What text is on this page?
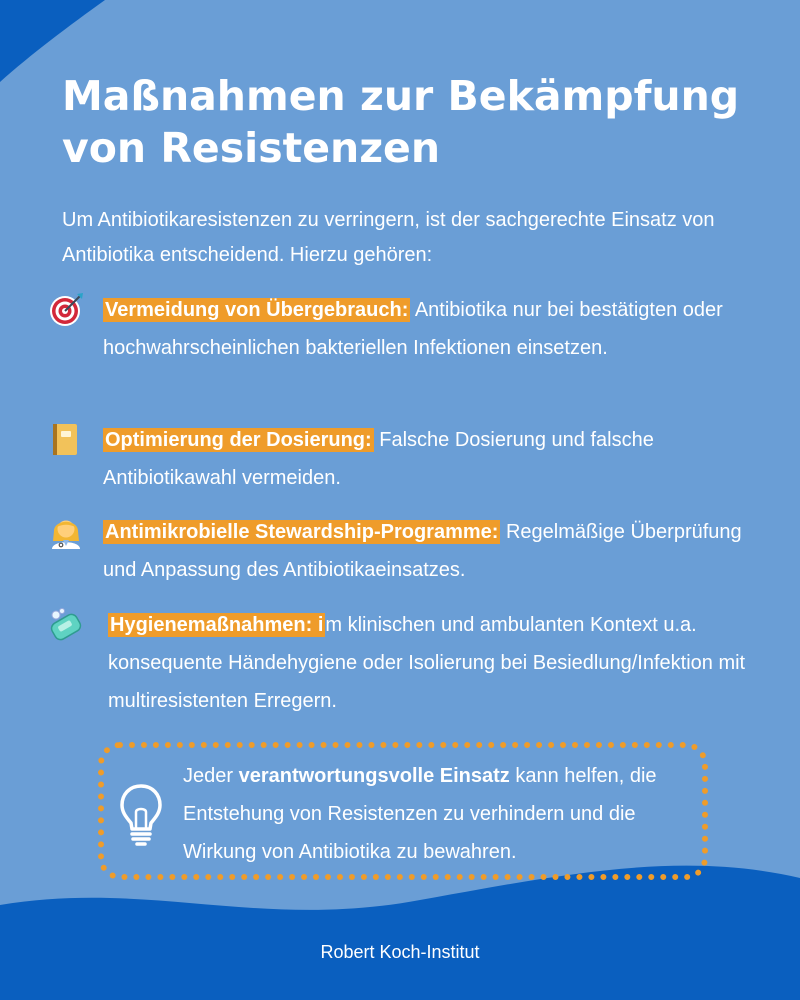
Maßnahmen zur Bekämpfung von Resistenzen

Um Antibiotikaresistenzen zu verringern, ist der sachgerechte Einsatz von Antibiotika entscheidend. Hierzu gehören:

Vermeidung von Übergebrauch: Antibiotika nur bei bestätigten oder hochwahrscheinlichen bakteriellen Infektionen einsetzen.

Optimierung der Dosierung: Falsche Dosierung und falsche Antibiotikawahl vermeiden.

Antimikrobielle Stewardship-Programme: Regelmäßige Überprüfung und Anpassung des Antibiotikaeinsatzes.

Hygienemaßnahmen: i m klinischen und ambulanten Kontext u.a. konsequente Händehygiene oder Isolierung bei Besiedlung/Infektion mit multiresistenten Erregern.

Jeder verantwortungsvolle Einsatz kann helfen, die Entstehung von Resistenzen zu verhindern und die Wirkung von Antibiotika zu bewahren.

Robert Koch-Institut
